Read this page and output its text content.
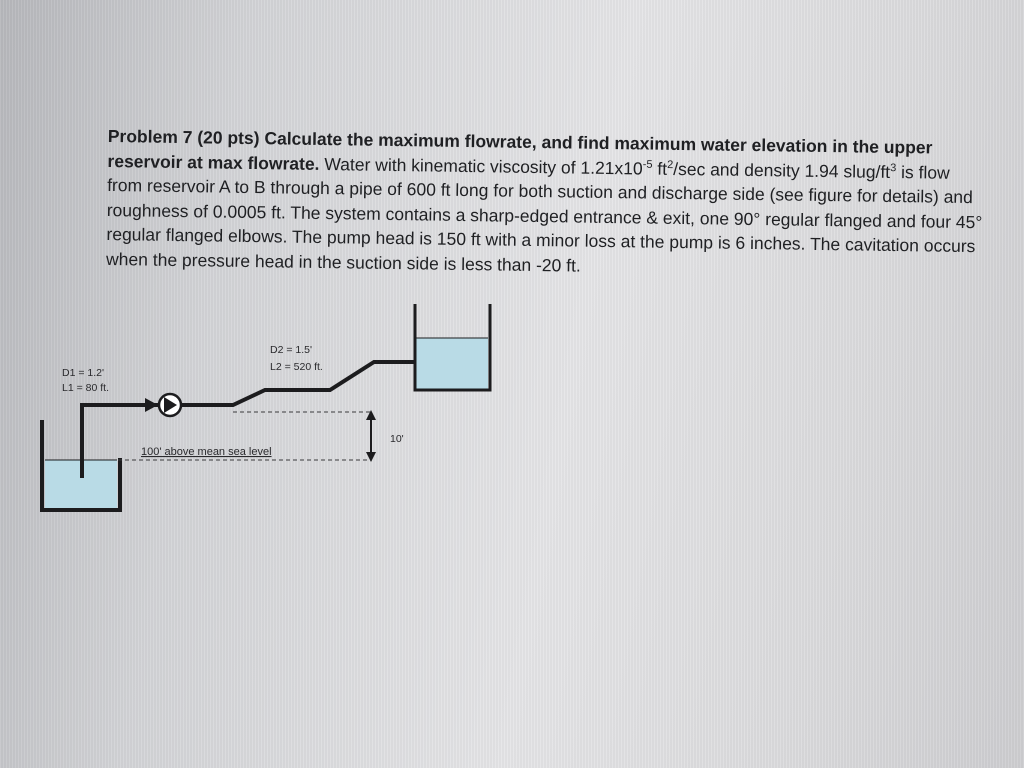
Problem 7 (20 pts) Calculate the maximum flowrate, and find maximum water elevation in the upper reservoir at max flowrate. Water with kinematic viscosity of $1.21x10^{-5}$ $ft^2/\sec$ and density 1.94 slug/$ft^3$ is flow from reservoir A to B through a pipe of 600 ft long for both suction and discharge side (see figure for details) and roughness of 0.0005 ft. The system contains a sharp-edged entrance & exit, one 90° regular flanged and four 45° regular flanged elbows. The pump head is 150 ft with a minor loss at the pump is 6 inches. The cavitation occurs when the pressure head in the suction side is less than -20 ft.
D1 = 1.2'
L1 = 80 ft.
D2 = 1.5'
L2 = 520 ft.
100' above mean sea level
10'
